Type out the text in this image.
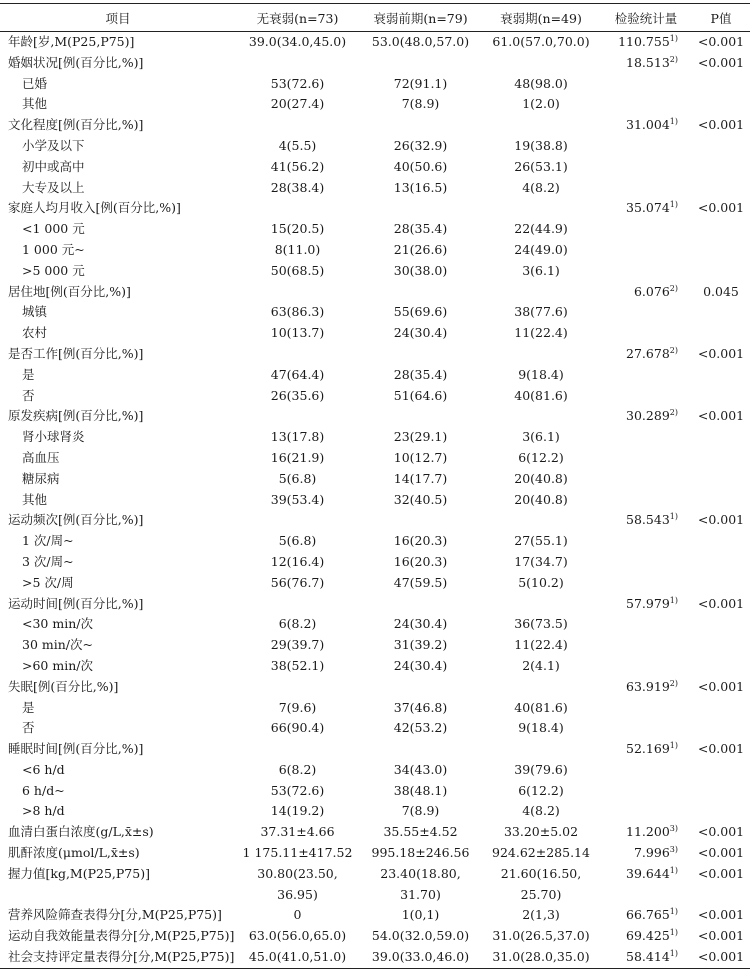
项目	无衰弱(n=73)	衰弱前期(n=79)	衰弱期(n=49)	检验统计量	P值
年龄[岁,M(P25,P75)]	39.0(34.0,45.0)	53.0(48.0,57.0)	61.0(57.0,70.0)	$110.755^{1)}$	<0.001
婚姻状况[例(百分比,%)]				$18.513^{2)}$	<0.001
已婚	53(72.6)	72(91.1)	48(98.0)		
其他	20(27.4)	7(8.9)	1(2.0)		
文化程度[例(百分比,%)]				$31.004^{1)}$	<0.001
小学及以下	4(5.5)	26(32.9)	19(38.8)		
初中或高中	41(56.2)	40(50.6)	26(53.1)		
大专及以上	28(38.4)	13(16.5)	4(8.2)		
家庭人均月收入[例(百分比,%)]				$35.074^{1)}$	<0.001
<1 000 元	15(20.5)	28(35.4)	22(44.9)		
1 000 元~	8(11.0)	21(26.6)	24(49.0)		
>5 000 元	50(68.5)	30(38.0)	3(6.1)		
居住地[例(百分比,%)]				6.076$^{2)}$	0.045
城镇	63(86.3)	55(69.6)	38(77.6)		
农村	10(13.7)	24(30.4)	11(22.4)		
是否工作[例(百分比,%)]				$27.678^{2)}$	<0.001
是	47(64.4)	28(35.4)	9(18.4)		
否	26(35.6)	51(64.6)	40(81.6)		
原发疾病[例(百分比,%)]				$30.289^{2)}$	<0.001
肾小球肾炎	13(17.8)	23(29.1)	3(6.1)		
高血压	16(21.9)	10(12.7)	6(12.2)		
糖尿病	5(6.8)	14(17.7)	20(40.8)		
其他	39(53.4)	32(40.5)	20(40.8)		
运动频次[例(百分比,%)]				$58.543^{1)}$	<0.001
1 次/周~	5(6.8)	16(20.3)	27(55.1)		
3 次/周~	12(16.4)	16(20.3)	17(34.7)		
>5 次/周	56(76.7)	47(59.5)	5(10.2)		
运动时间[例(百分比,%)]				$57.979^{1)}$	<0.001
<30 min/次	6(8.2)	24(30.4)	36(73.5)		
30 min/次~	29(39.7)	31(39.2)	11(22.4)		
>60 min/次	38(52.1)	24(30.4)	2(4.1)		
失眠[例(百分比,%)]				$63.919^{2)}$	<0.001
是	7(9.6)	37(46.8)	40(81.6)		
否	66(90.4)	42(53.2)	9(18.4)		
睡眠时间[例(百分比,%)]				$52.169^{1)}$	<0.001
<6 h/d	6(8.2)	34(43.0)	39(79.6)		
6 h/d~	53(72.6)	38(48.1)	6(12.2)		
>8 h/d	14(19.2)	7(8.9)	4(8.2)		
血清白蛋白浓度(g/L,x̄±s)	37.31±4.66	35.55±4.52	33.20±5.02	$11.200^{3)}$	<0.001
肌酐浓度(μmol/L,x̄±s)	1 175.11±417.52	995.18±246.56	924.62±285.14	$7.996^{3)}$	<0.001
握力值[kg,M(P25,P75)]	30.80(23.50,	23.40(18.80,	21.60(16.50,	$39.644^{1)}$	<0.001
	36.95)	31.70)	25.70)		
营养风险筛查表得分[分,M(P25,P75)]	0	1(0,1)	2(1,3)	$66.765^{1)}$	<0.001
运动自我效能量表得分[分,M(P25,P75)]	63.0(56.0,65.0)	54.0(32.0,59.0)	31.0(26.5,37.0)	$69.425^{1)}$	<0.001
社会支持评定量表得分[分,M(P25,P75)]	45.0(41.0,51.0)	39.0(33.0,46.0)	31.0(28.0,35.0)	$58.414^{1)}$	<0.001
